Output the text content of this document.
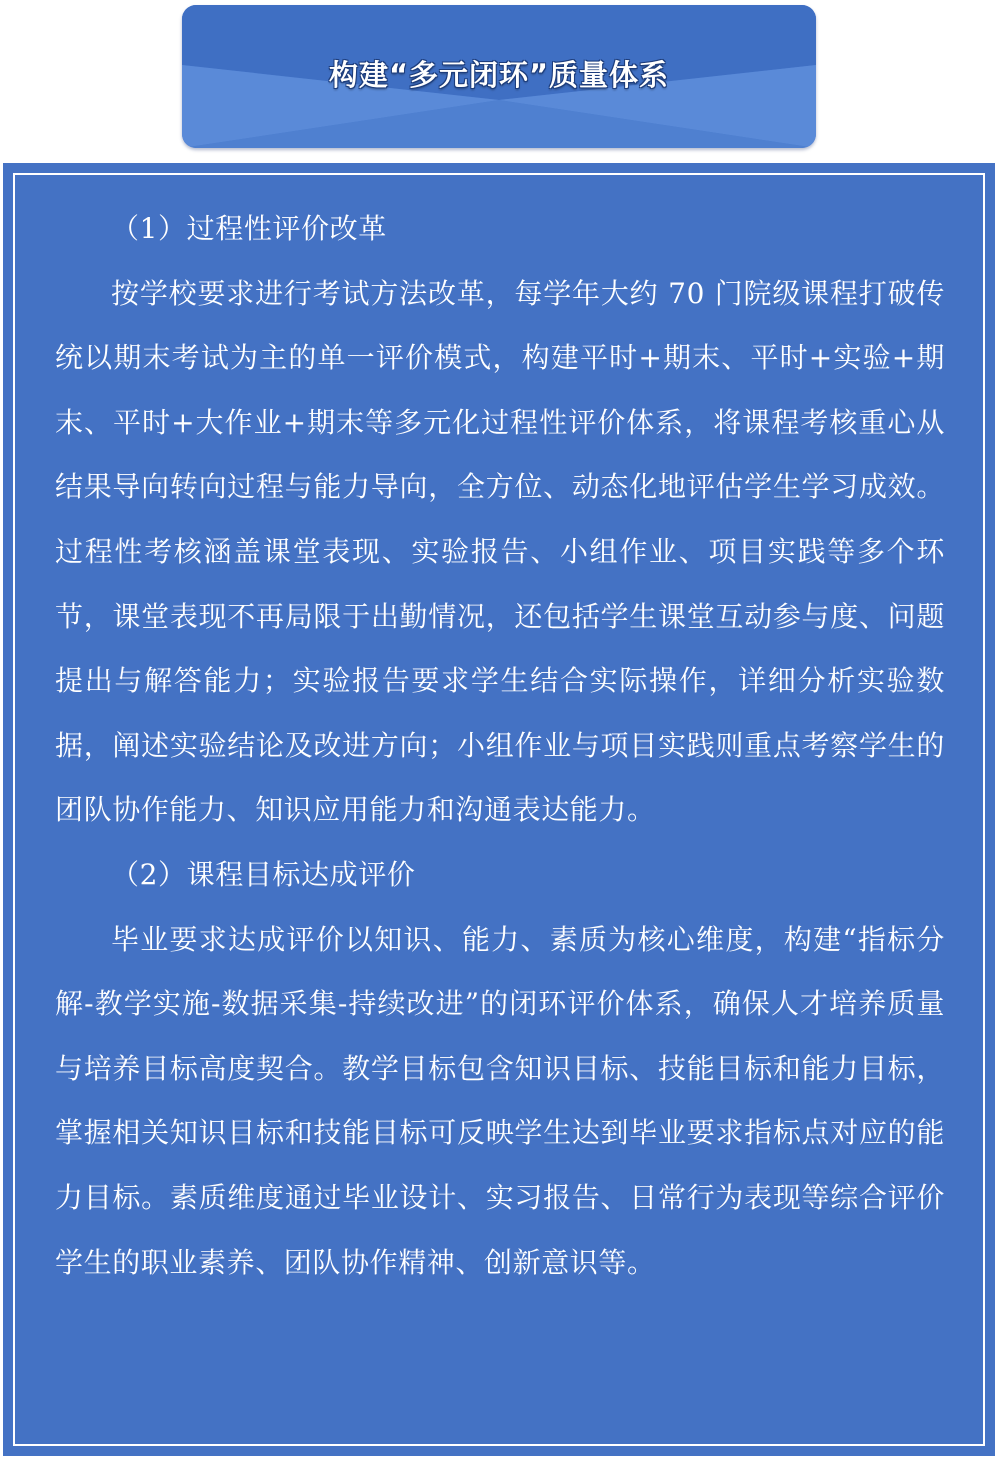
构建“多元闭环”质量体系

（1）过程性评价改革

按学校要求进行考试方法改革，每学年大约 70 门院级课程打破传统以期末考试为主的单一评价模式，构建平时+期末、平时+实验+期末、平时+大作业+期末等多元化过程性评价体系，将课程考核重心从结果导向转向过程与能力导向，全方位、动态化地评估学生学习成效。过程性考核涵盖课堂表现、实验报告、小组作业、项目实践等多个环节，课堂表现不再局限于出勤情况，还包括学生课堂互动参与度、问题提出与解答能力；实验报告要求学生结合实际操作，详细分析实验数据，阐述实验结论及改进方向；小组作业与项目实践则重点考察学生的团队协作能力、知识应用能力和沟通表达能力。

（2）课程目标达成评价

毕业要求达成评价以知识、能力、素质为核心维度，构建“指标分解-教学实施-数据采集-持续改进”的闭环评价体系，确保人才培养质量与培养目标高度契合。教学目标包含知识目标、技能目标和能力目标，掌握相关知识目标和技能目标可反映学生达到毕业要求指标点对应的能力目标。素质维度通过毕业设计、实习报告、日常行为表现等综合评价学生的职业素养、团队协作精神、创新意识等。
